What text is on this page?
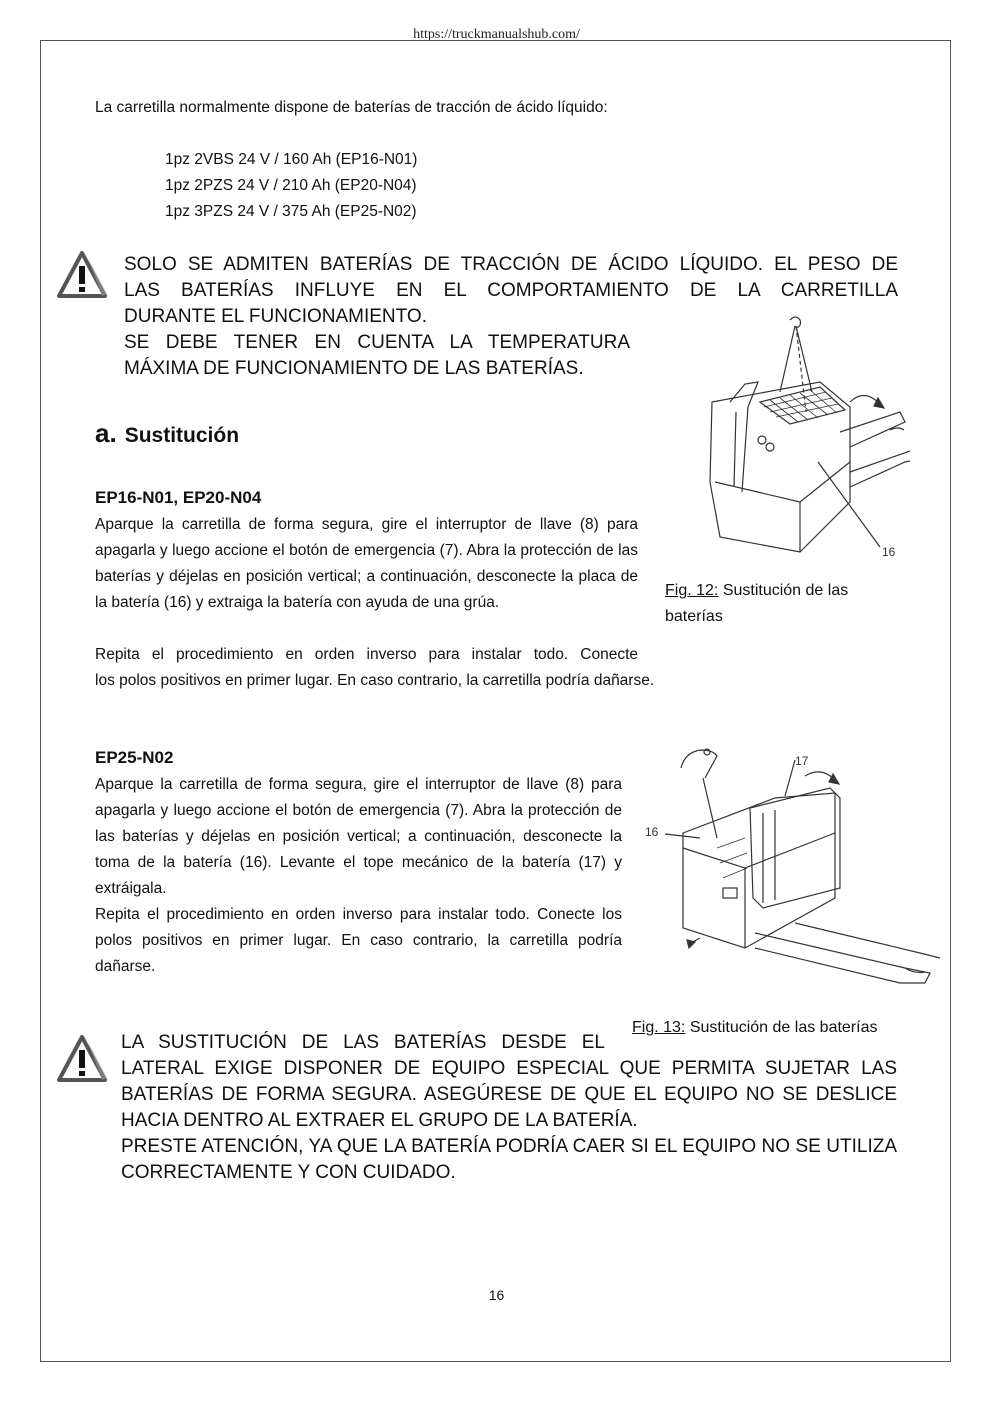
https://truckmanualshub.com/
La carretilla normalmente dispone de baterías de tracción de ácido líquido:
1pz 2VBS 24 V / 160 Ah (EP16-N01)
1pz 2PZS 24 V / 210 Ah (EP20-N04)
1pz 3PZS 24 V / 375 Ah (EP25-N02)
SOLO SE ADMITEN BATERÍAS DE TRACCIÓN DE ÁCIDO LÍQUIDO. EL PESO DE
LAS BATERÍAS INFLUYE EN EL COMPORTAMIENTO DE LA CARRETILLA
DURANTE EL FUNCIONAMIENTO.
SE DEBE TENER EN CUENTA LA TEMPERATURA
MÁXIMA DE FUNCIONAMIENTO DE LAS BATERÍAS.
16
Fig. 12: Sustitución de las baterías
a. Sustitución
EP16-N01, EP20-N04
Aparque la carretilla de forma segura, gire el interruptor de llave (8) para apagarla y luego accione el botón de emergencia (7). Abra la protección de las baterías y déjelas en posición vertical; a continuación, desconecte la placa de la batería (16) y extraiga la batería con ayuda de una grúa.
Repita el procedimiento en orden inverso para instalar todo. Conecte
los polos positivos en primer lugar. En caso contrario, la carretilla podría dañarse.
EP25-N02
Aparque la carretilla de forma segura, gire el interruptor de llave (8) para apagarla y luego accione el botón de emergencia (7). Abra la protección de las baterías y déjelas en posición vertical; a continuación, desconecte la toma de la batería (16). Levante el tope mecánico de la batería (17) y extráigala.
Repita el procedimiento en orden inverso para instalar todo. Conecte los polos positivos en primer lugar. En caso contrario, la carretilla podría dañarse.
16
17
Fig. 13: Sustitución de las baterías
LA SUSTITUCIÓN DE LAS BATERÍAS DESDE EL
LATERAL EXIGE DISPONER DE EQUIPO ESPECIAL QUE PERMITA SUJETAR LAS BATERÍAS DE FORMA SEGURA. ASEGÚRESE DE QUE EL EQUIPO NO SE DESLICE HACIA DENTRO AL EXTRAER EL GRUPO DE LA BATERÍA.
PRESTE ATENCIÓN, YA QUE LA BATERÍA PODRÍA CAER SI EL EQUIPO NO SE UTILIZA CORRECTAMENTE Y CON CUIDADO.
16
